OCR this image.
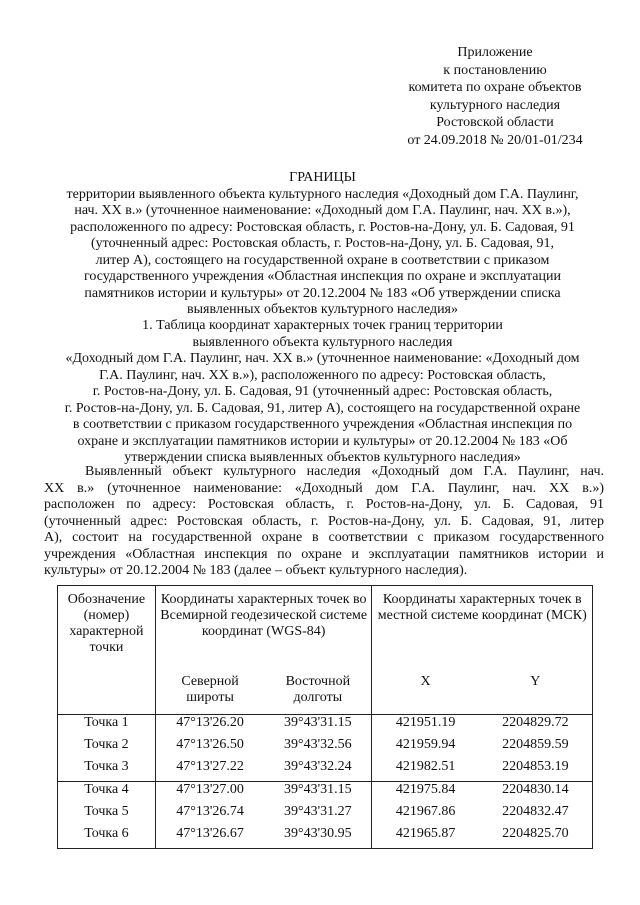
Приложение
к постановлению
комитета по охране объектов
культурного наследия
Ростовской области
от 24.09.2018 № 20/01-01/234
ГРАНИЦЫ
территории выявленного объекта культурного наследия «Доходный дом Г.А. Паулинг,
нач. XX в.» (уточненное наименование: «Доходный дом Г.А. Паулинг, нач. XX в.»),
расположенного по адресу: Ростовская область, г. Ростов-на-Дону, ул. Б. Садовая, 91
(уточненный адрес: Ростовская область, г. Ростов-на-Дону, ул. Б. Садовая, 91,
литер А), состоящего на государственной охране в соответствии с приказом
государственного учреждения «Областная инспекция по охране и эксплуатации
памятников истории и культуры» от 20.12.2004 № 183 «Об утверждении списка
выявленных объектов культурного наследия»
1. Таблица координат характерных точек границ территории
выявленного объекта культурного наследия
«Доходный дом Г.А. Паулинг, нач. XX в.» (уточненное наименование: «Доходный дом
Г.А. Паулинг, нач. XX в.»), расположенного по адресу: Ростовская область,
г. Ростов-на-Дону, ул. Б. Садовая, 91 (уточненный адрес: Ростовская область,
г. Ростов-на-Дону, ул. Б. Садовая, 91, литер А), состоящего на государственной охране
в соответствии с приказом государственного учреждения «Областная инспекция по
охране и эксплуатации памятников истории и культуры» от 20.12.2004 № 183 «Об
утверждении списка выявленных объектов культурного наследия»
Выявленный объект культурного наследия «Доходный дом Г.А. Паулинг, нач.
XX в.» (уточненное наименование: «Доходный дом Г.А. Паулинг, нач. XX в.»)
расположен по адресу: Ростовская область, г. Ростов-на-Дону, ул. Б. Садовая, 91
(уточненный адрес: Ростовская область, г. Ростов-на-Дону, ул. Б. Садовая, 91, литер
А), состоит на государственной охране в соответствии с приказом государственного
учреждения «Областная инспекция по охране и эксплуатации памятников истории и
культуры» от 20.12.2004 № 183 (далее – объект культурного наследия).
Обозначение (номер) характерной точки	Координаты характерных точек во Всемирной геодезической системе координат (WGS-84)		Координаты характерных точек в местной системе координат (МСК)	
	Северной широты	Восточной долготы	X	Y
Точка 1	47°13'26.20	39°43'31.15	421951.19	2204829.72
Точка 2	47°13'26.50	39°43'32.56	421959.94	2204859.59
Точка 3	47°13'27.22	39°43'32.24	421982.51	2204853.19
Точка 4	47°13'27.00	39°43'31.15	421975.84	2204830.14
Точка 5	47°13'26.74	39°43'31.27	421967.86	2204832.47
Точка 6	47°13'26.67	39°43'30.95	421965.87	2204825.70
